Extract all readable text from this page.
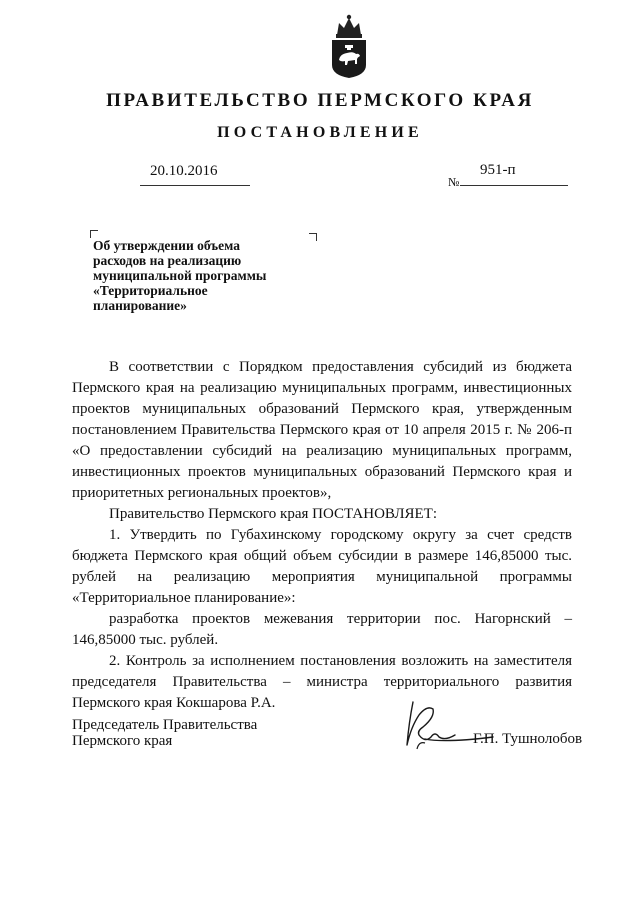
ПРАВИТЕЛЬСТВО ПЕРМСКОГО КРАЯ
ПОСТАНОВЛЕНИЕ
20.10.2016
№
951-п
Об утверждении объема
расходов на реализацию
муниципальной программы
«Территориальное
планирование»

В соответствии с Порядком предоставления субсидий из бюджета Пермского края на реализацию муниципальных программ, инвестиционных проектов муниципальных образований Пермского края, утвержденным постановлением Правительства Пермского края от 10 апреля 2015 г. № 206-п «О предоставлении субсидий на реализацию муниципальных программ, инвестиционных проектов муниципальных образований Пермского края и приоритетных региональных проектов»,

Правительство Пермского края ПОСТАНОВЛЯЕТ:

1. Утвердить по Губахинскому городскому округу за счет средств бюджета Пермского края общий объем субсидии в размере 146,85000 тыс. рублей на реализацию мероприятия муниципальной программы «Территориальное планирование»:

разработка проектов межевания территории пос. Нагорнский – 146,85000 тыс. рублей.

2. Контроль за исполнением постановления возложить на заместителя председателя Правительства – министра территориального развития Пермского края Кокшарова Р.А.

Председатель Правительства
Пермского края	Г.П. Тушнолобов
